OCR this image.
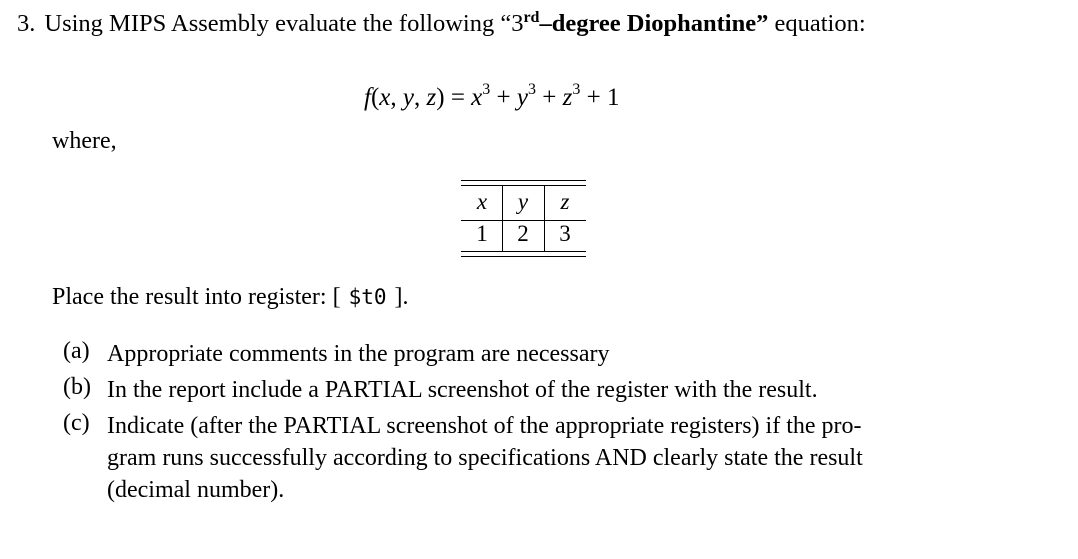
3. Using MIPS Assembly evaluate the following “3rd–degree Diophantine” equation:
f(x, y, $z) = x^3 + y^3 + z^3 + 1$
where,
x	y	z
1	2	3
Place the result into register: [ $t0 ].
(a) Appropriate comments in the program are necessary
(b) In the report include a PARTIAL screenshot of the register with the result.
(c) Indicate (after the PARTIAL screenshot of the appropriate registers) if the pro-
gram runs successfully according to specifications AND clearly state the result
(decimal number).
